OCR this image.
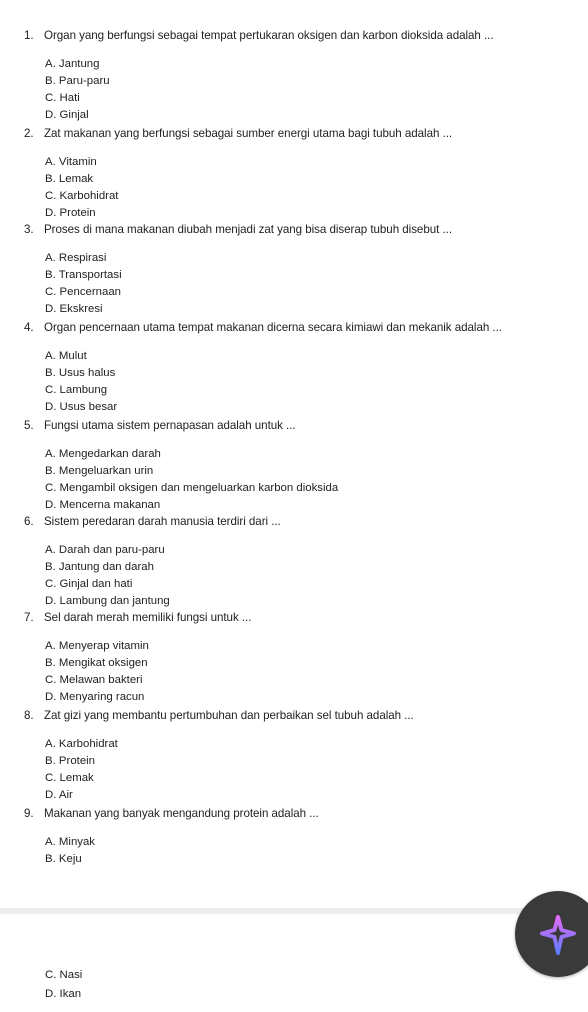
1. Organ yang berfungsi sebagai tempat pertukaran oksigen dan karbon dioksida adalah ...
A. Jantung
B. Paru-paru
C. Hati
D. Ginjal
2. Zat makanan yang berfungsi sebagai sumber energi utama bagi tubuh adalah ...
A. Vitamin
B. Lemak
C. Karbohidrat
D. Protein
3. Proses di mana makanan diubah menjadi zat yang bisa diserap tubuh disebut ...
A. Respirasi
B. Transportasi
C. Pencernaan
D. Ekskresi
4. Organ pencernaan utama tempat makanan dicerna secara kimiawi dan mekanik adalah ...
A. Mulut
B. Usus halus
C. Lambung
D. Usus besar
5. Fungsi utama sistem pernapasan adalah untuk ...
A. Mengedarkan darah
B. Mengeluarkan urin
C. Mengambil oksigen dan mengeluarkan karbon dioksida
D. Mencerna makanan
6. Sistem peredaran darah manusia terdiri dari ...
A. Darah dan paru-paru
B. Jantung dan darah
C. Ginjal dan hati
D. Lambung dan jantung
7. Sel darah merah memiliki fungsi untuk ...
A. Menyerap vitamin
B. Mengikat oksigen
C. Melawan bakteri
D. Menyaring racun
8. Zat gizi yang membantu pertumbuhan dan perbaikan sel tubuh adalah ...
A. Karbohidrat
B. Protein
C. Lemak
D. Air
9. Makanan yang banyak mengandung protein adalah ...
A. Minyak
B. Keju
C. Nasi
D. Ikan
